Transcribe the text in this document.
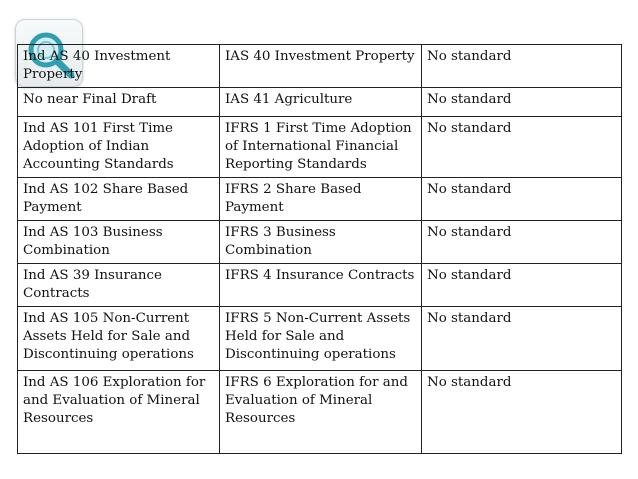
Ind AS 40 Investment Property	IAS 40 Investment Property	No standard
No near Final Draft	IAS 41 Agriculture	No standard
Ind AS 101 First Time Adoption of Indian Accounting Standards	IFRS 1 First Time Adoption of International Financial Reporting Standards	No standard
Ind AS 102 Share Based Payment	IFRS 2 Share Based Payment	No standard
Ind AS 103 Business Combination	IFRS 3 Business Combination	No standard
Ind AS 39 Insurance Contracts	IFRS 4 Insurance Contracts	No standard
Ind AS 105 Non-Current Assets Held for Sale and Discontinuing operations	IFRS 5 Non-Current Assets Held for Sale and Discontinuing operations	No standard
Ind AS 106 Exploration for and Evaluation of Mineral Resources	IFRS 6 Exploration for and Evaluation of Mineral Resources	No standard
